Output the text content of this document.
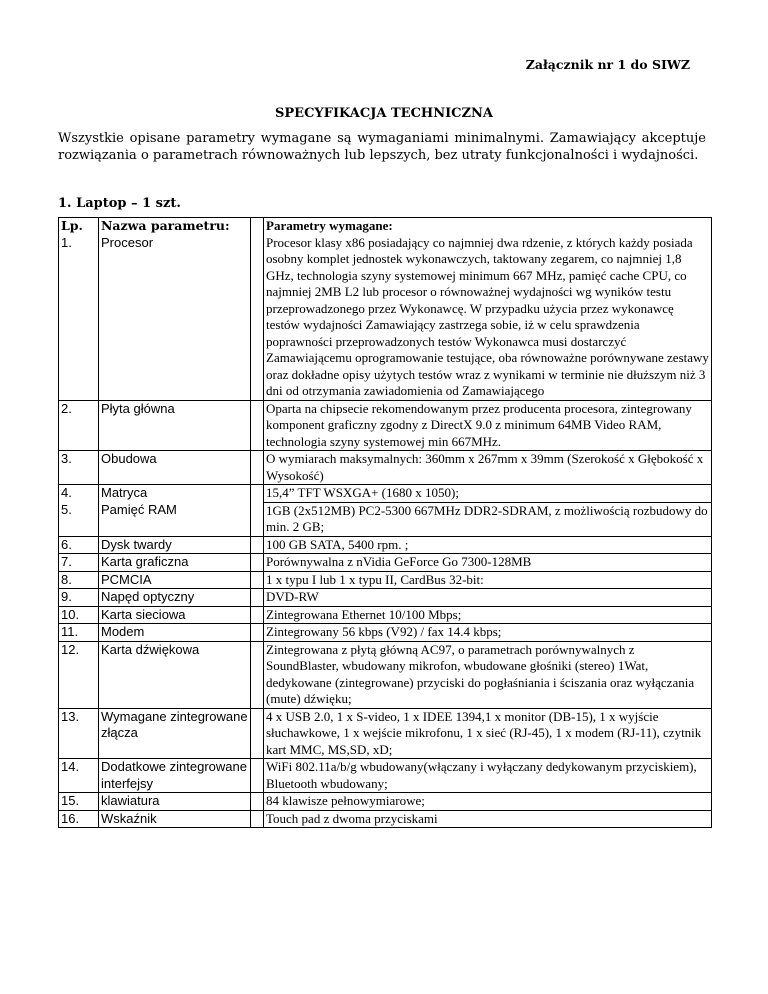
Załącznik nr 1 do SIWZ
SPECYFIKACJA TECHNICZNA
Wszystkie opisane parametry wymagane są wymaganiami minimalnymi. Zamawiający akceptuje rozwiązania o parametrach równoważnych lub lepszych, bez utraty funkcjonalności i wydajności.
1. Laptop – 1 szt.
Lp.	Nazwa parametru:		Parametry wymagane:
1.	Procesor		Procesor klasy x86 posiadający co najmniej dwa rdzenie, z których każdy posiada osobny komplet jednostek wykonawczych, taktowany zegarem, co najmniej 1,8 GHz, technologia szyny systemowej minimum 667 MHz, pamięć cache CPU, co najmniej 2MB L2 lub procesor o równoważnej wydajności wg wyników testu przeprowadzonego przez Wykonawcę. W przypadku użycia przez wykonawcę testów wydajności Zamawiający zastrzega sobie, iż w celu sprawdzenia poprawności przeprowadzonych testów Wykonawca musi dostarczyć Zamawiającemu oprogramowanie testujące, oba równoważne porównywane zestawy oraz dokładne opisy użytych testów wraz z wynikami w terminie nie dłuższym niż 3 dni od otrzymania zawiadomienia od Zamawiającego
2.	Płyta główna		Oparta na chipsecie rekomendowanym przez producenta procesora, zintegrowany komponent graficzny zgodny z DirectX 9.0 z minimum 64MB Video RAM, technologia szyny systemowej min 667MHz.
3.	Obudowa		O wymiarach maksymalnych: 360mm x 267mm x 39mm (Szerokość x Głębokość x Wysokość)
4.	Matryca		15,4” TFT WSXGA+ (1680 x 1050);
5.	Pamięć RAM		1GB (2x512MB) PC2-5300 667MHz DDR2-SDRAM, z możliwością rozbudowy do min. 2 GB;
6.	Dysk twardy		100 GB SATA, 5400 rpm. ;
7.	Karta graficzna		Porównywalna z nVidia GeForce Go 7300-128MB
8.	PCMCIA		1 x typu I lub 1 x typu II, CardBus 32-bit:
9.	Napęd optyczny		DVD-RW
10.	Karta sieciowa		Zintegrowana Ethernet 10/100 Mbps;
11.	Modem		Zintegrowany 56 kbps (V92) / fax 14.4 kbps;
12.	Karta dźwiękowa		Zintegrowana z płytą główną AC97, o parametrach porównywalnych z SoundBlaster, wbudowany mikrofon, wbudowane głośniki (stereo) 1Wat, dedykowane (zintegrowane) przyciski do pogłaśniania i ściszania oraz wyłączania (mute) dźwięku;
13.	Wymagane zintegrowane złącza		4 x USB 2.0, 1 x S-video, 1 x IDEE 1394,1 x monitor (DB-15), 1 x wyjście słuchawkowe, 1 x wejście mikrofonu, 1 x sieć (RJ-45), 1 x modem (RJ-11), czytnik kart MMC, MS,SD, xD;
14.	Dodatkowe zintegrowane interfejsy		WiFi 802.11a/b/g wbudowany(włączany i wyłączany dedykowanym przyciskiem), Bluetooth wbudowany;
15.	klawiatura		84 klawisze pełnowymiarowe;
16.	Wskaźnik		Touch pad z dwoma przyciskami
